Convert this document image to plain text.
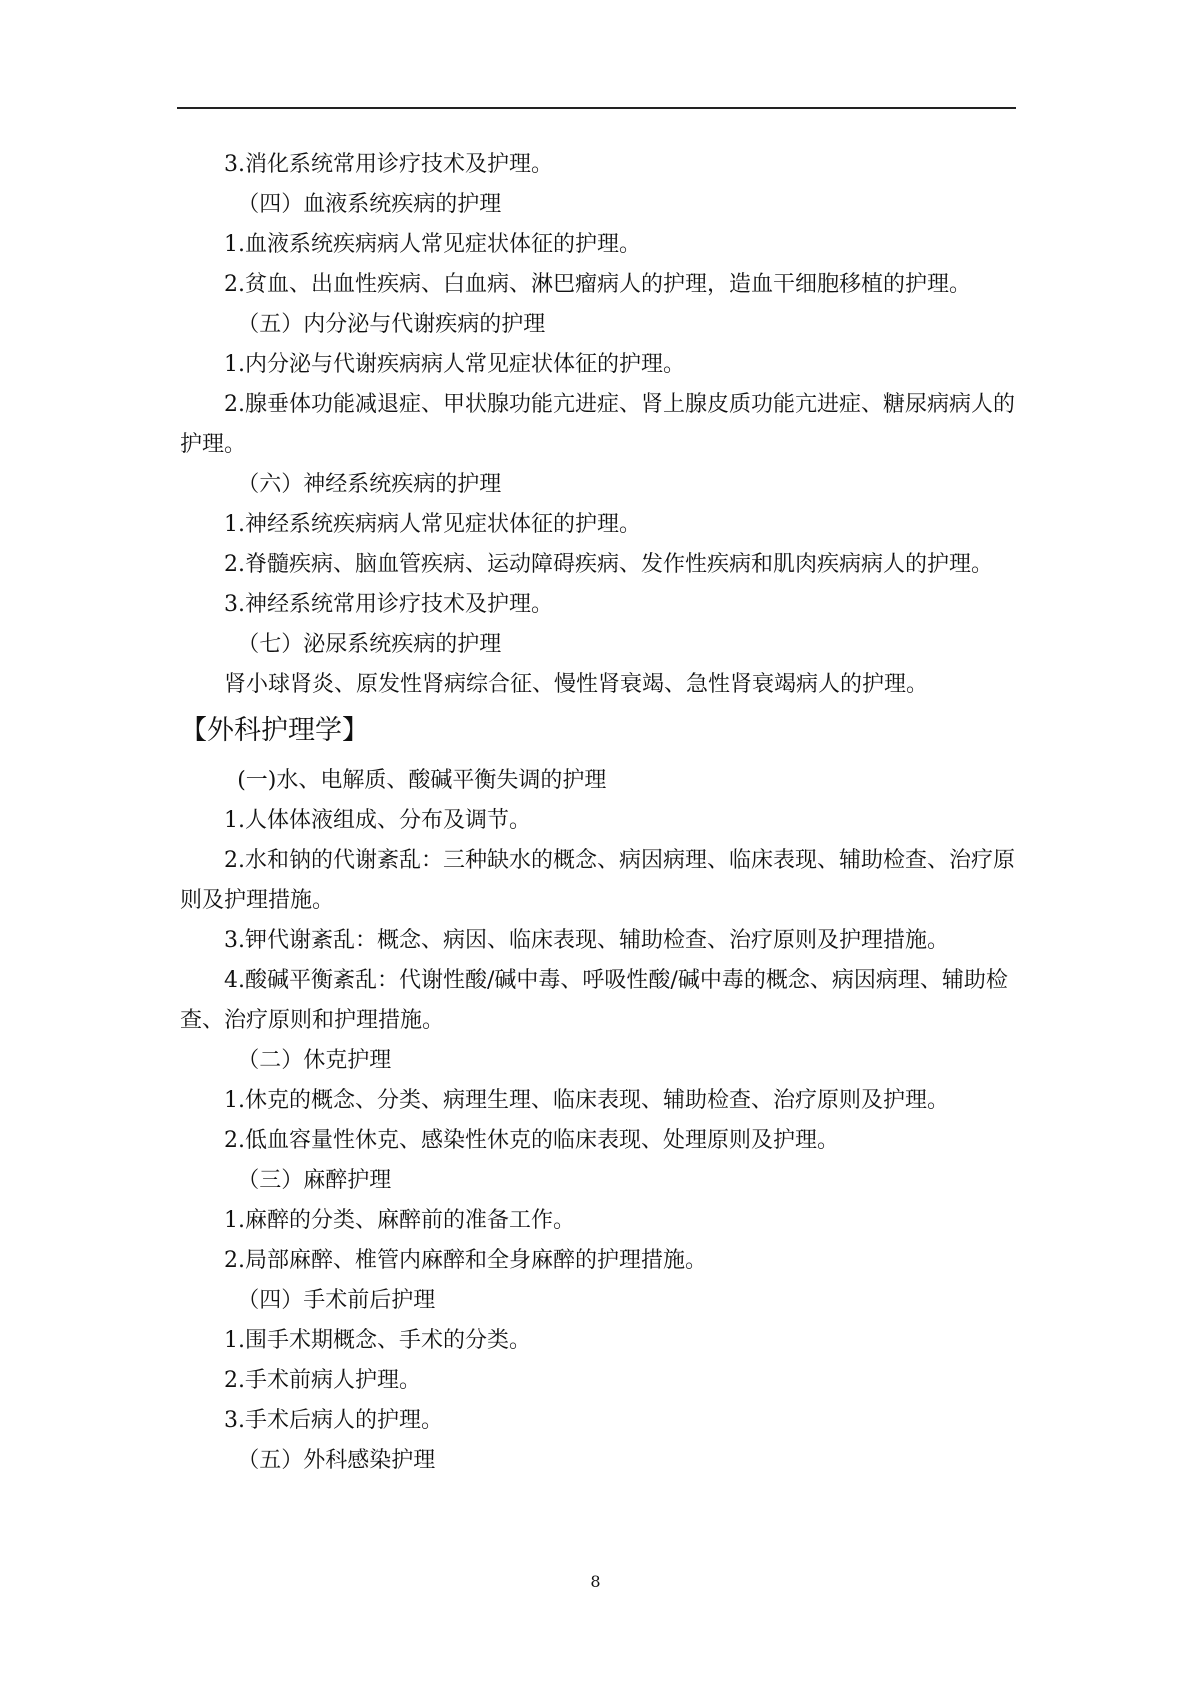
3.消化系统常用诊疗技术及护理。

（四）血液系统疾病的护理

1.血液系统疾病病人常见症状体征的护理。

2.贫血、出血性疾病、白血病、淋巴瘤病人的护理，造血干细胞移植的护理。

（五）内分泌与代谢疾病的护理

1.内分泌与代谢疾病病人常见症状体征的护理。

2.腺垂体功能减退症、甲状腺功能亢进症、肾上腺皮质功能亢进症、糖尿病病人的护理。

（六）神经系统疾病的护理

1.神经系统疾病病人常见症状体征的护理。

2.脊髓疾病、脑血管疾病、运动障碍疾病、发作性疾病和肌肉疾病病人的护理。

3.神经系统常用诊疗技术及护理。

（七）泌尿系统疾病的护理

肾小球肾炎、原发性肾病综合征、慢性肾衰竭、急性肾衰竭病人的护理。

【外科护理学】

(一)水、电解质、酸碱平衡失调的护理

1.人体体液组成、分布及调节。

2.水和钠的代谢紊乱：三种缺水的概念、病因病理、临床表现、辅助检查、治疗原则及护理措施。

3.钾代谢紊乱：概念、病因、临床表现、辅助检查、治疗原则及护理措施。

4.酸碱平衡紊乱：代谢性酸/碱中毒、呼吸性酸/碱中毒的概念、病因病理、辅助检查、治疗原则和护理措施。

（二）休克护理

1.休克的概念、分类、病理生理、临床表现、辅助检查、治疗原则及护理。

2.低血容量性休克、感染性休克的临床表现、处理原则及护理。

（三）麻醉护理

1.麻醉的分类、麻醉前的准备工作。

2.局部麻醉、椎管内麻醉和全身麻醉的护理措施。

（四）手术前后护理

1.围手术期概念、手术的分类。

2.手术前病人护理。

3.手术后病人的护理。

（五）外科感染护理

8
